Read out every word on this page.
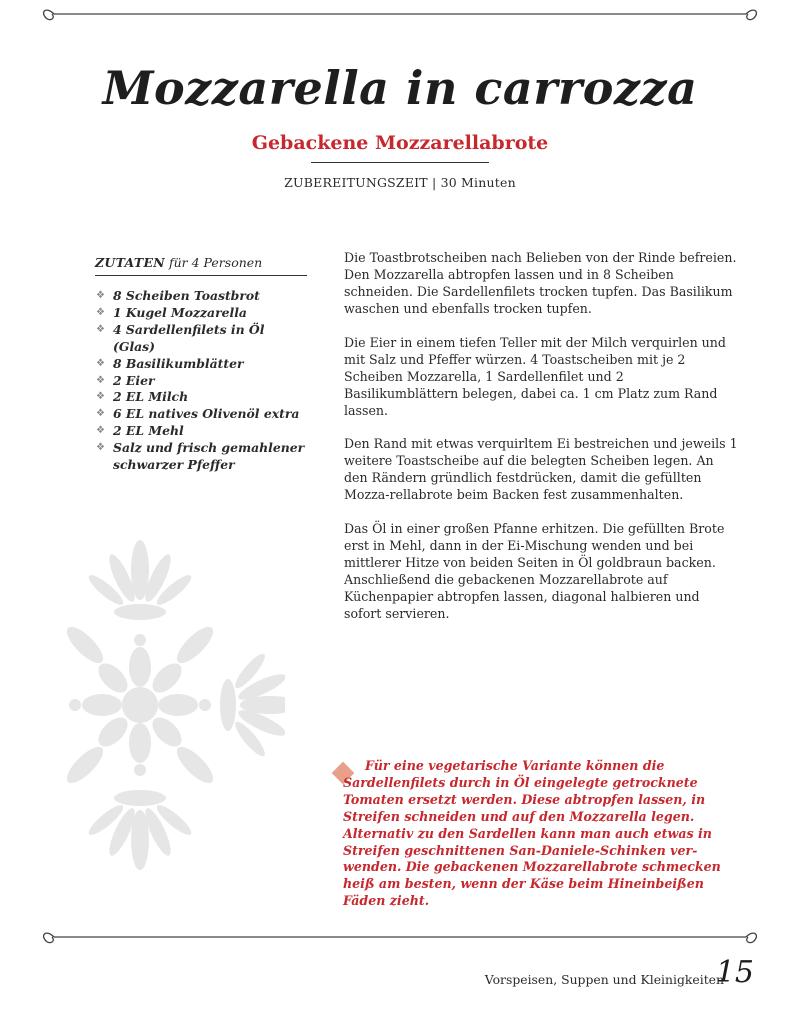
Mozzarella in carrozza
Gebackene Mozzarellabrote
ZUBEREITUNGSZEIT | 30 Minuten
ZUTATEN für 4 Personen
❖ 8 Scheiben Toastbrot
❖ 1 Kugel Mozzarella
❖ 4 Sardellenfilets in Öl (Glas)
❖ 8 Basilikumblätter
❖ 2 Eier
❖ 2 EL Milch
❖ 6 EL natives Olivenöl extra
❖ 2 EL Mehl
❖ Salz und frisch gemahlener schwarzer Pfeffer

Die Toastbrotscheiben nach Belieben von der Rinde befreien. Den Mozzarella abtropfen lassen und in 8 Scheiben schneiden. Die Sardellenfilets trocken tupfen. Das Basilikum waschen und ebenfalls trocken tupfen.

Die Eier in einem tiefen Teller mit der Milch verquirlen und mit Salz und Pfeffer würzen. 4 Toastscheiben mit je 2 Scheiben Mozzarella, 1 Sardellenfilet und 2 Basilikumblättern belegen, dabei ca. 1 cm Platz zum Rand lassen.

Den Rand mit etwas verquirltem Ei bestreichen und jeweils 1 weitere Toastscheibe auf die belegten Scheiben legen. An den Rändern gründlich festdrücken, damit die gefüllten Mozza-rellabrote beim Backen fest zusammenhalten.

Das Öl in einer großen Pfanne erhitzen. Die gefüllten Brote erst in Mehl, dann in der Ei-Mischung wenden und bei mittlerer Hitze von beiden Seiten in Öl goldbraun backen. Anschließend die gebackenen Mozzarellabrote auf Küchenpapier abtropfen lassen, diagonal halbieren und sofort servieren.

Für eine vegetarische Variante können die Sardellenfilets durch in Öl eingelegte getrocknete Tomaten ersetzt werden. Diese abtropfen lassen, in Streifen schneiden und auf den Mozzarella legen. Alternativ zu den Sardellen kann man auch etwas in Streifen geschnittenen San-Daniele-Schinken ver-wenden. Die gebackenen Mozzarellabrote schmecken heiß am besten, wenn der Käse beim Hineinbeißen Fäden zieht.

Vorspeisen, Suppen und Kleinigkeiten
15
